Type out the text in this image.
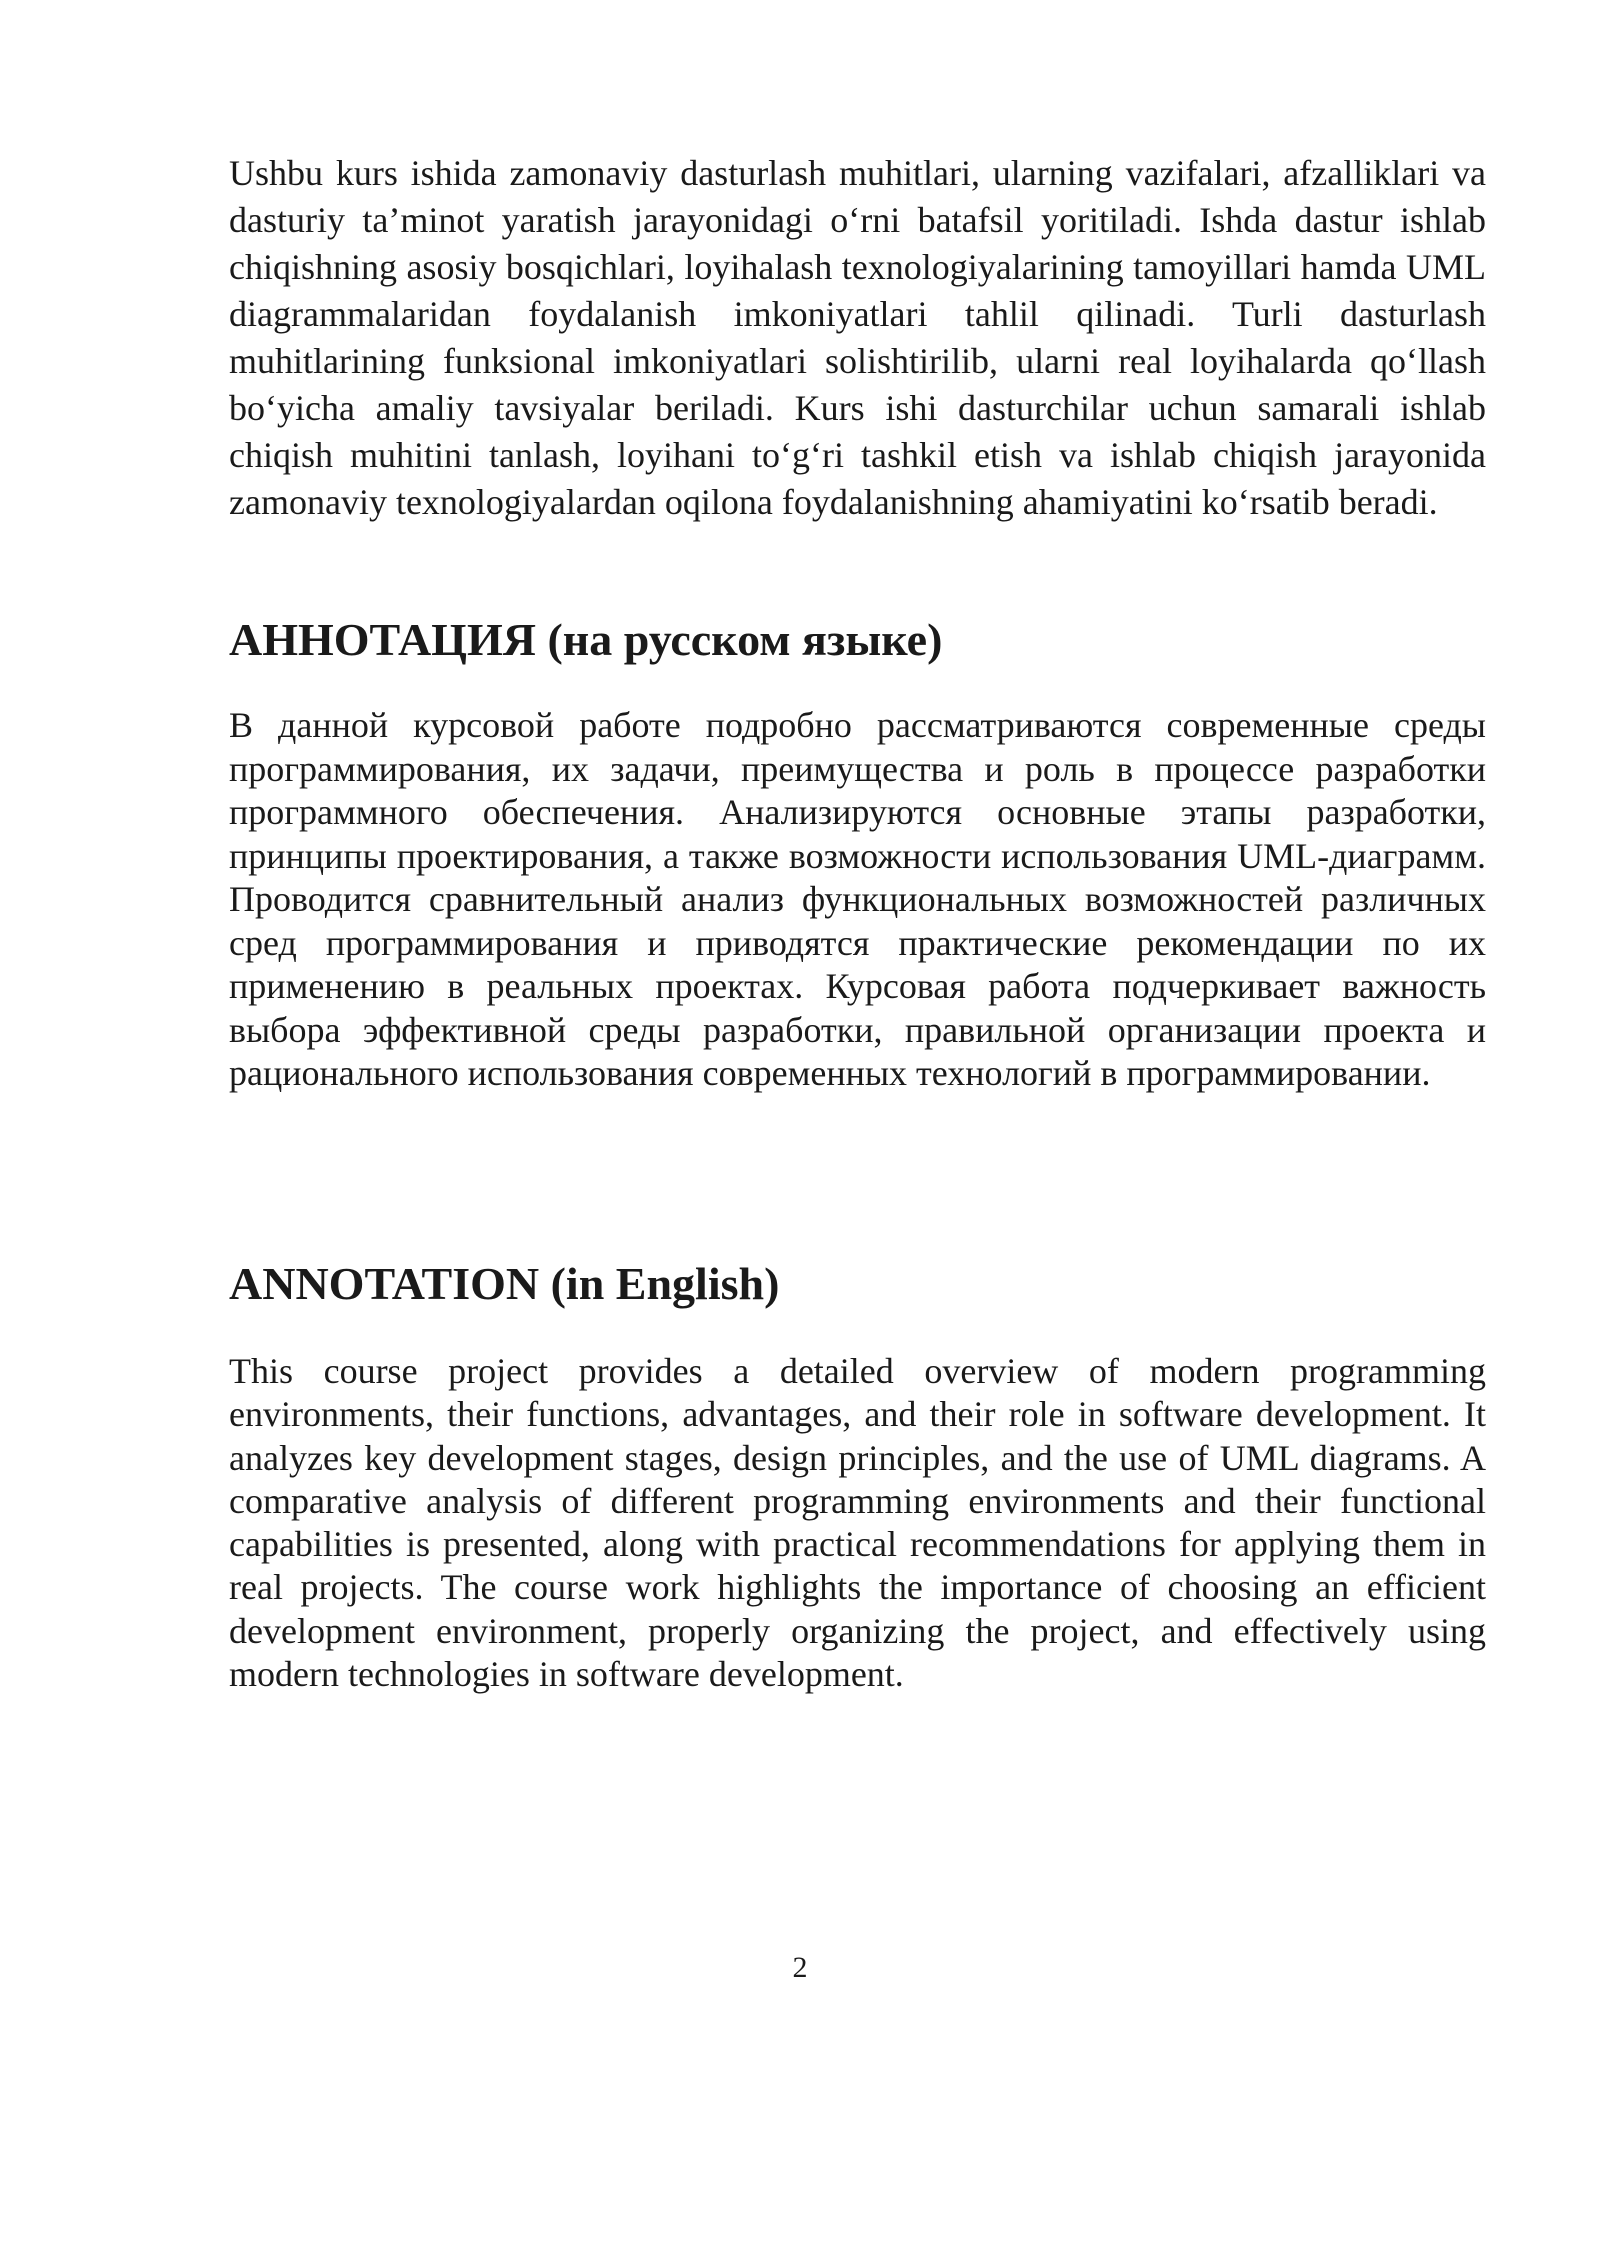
Ushbu kurs ishida zamonaviy dasturlash muhitlari, ularning vazifalari, afzalliklari va dasturiy ta’minot yaratish jarayonidagi o‘rni batafsil yoritiladi. Ishda dastur ishlab chiqishning asosiy bosqichlari, loyihalash texnologiyalarining tamoyillari hamda UML diagrammalaridan foydalanish imkoniyatlari tahlil qilinadi. Turli dasturlash muhitlarining funksional imkoniyatlari solishtirilib, ularni real loyihalarda qo‘llash bo‘yicha amaliy tavsiyalar beriladi. Kurs ishi dasturchilar uchun samarali ishlab chiqish muhitini tanlash, loyihani to‘g‘ri tashkil etish va ishlab chiqish jarayonida zamonaviy texnologiyalardan oqilona foydalanishning ahamiyatini ko‘rsatib beradi.

АННОТАЦИЯ (на русском языке)

В данной курсовой работе подробно рассматриваются современные среды программирования, их задачи, преимущества и роль в процессе разработки программного обеспечения. Анализируются основные этапы разработки, принципы проектирования, а также возможности использования UML-диаграмм. Проводится сравнительный анализ функциональных возможностей различных сред программирования и приводятся практические рекомендации по их применению в реальных проектах. Курсовая работа подчеркивает важность выбора эффективной среды разработки, правильной организации проекта и рационального использования современных технологий в программировании.

ANNOTATION (in English)

This course project provides a detailed overview of modern programming environments, their functions, advantages, and their role in software development. It analyzes key development stages, design principles, and the use of UML diagrams. A comparative analysis of different programming environments and their functional capabilities is presented, along with practical recommendations for applying them in real projects. The course work highlights the importance of choosing an efficient development environment, properly organizing the project, and effectively using modern technologies in software development.

2
